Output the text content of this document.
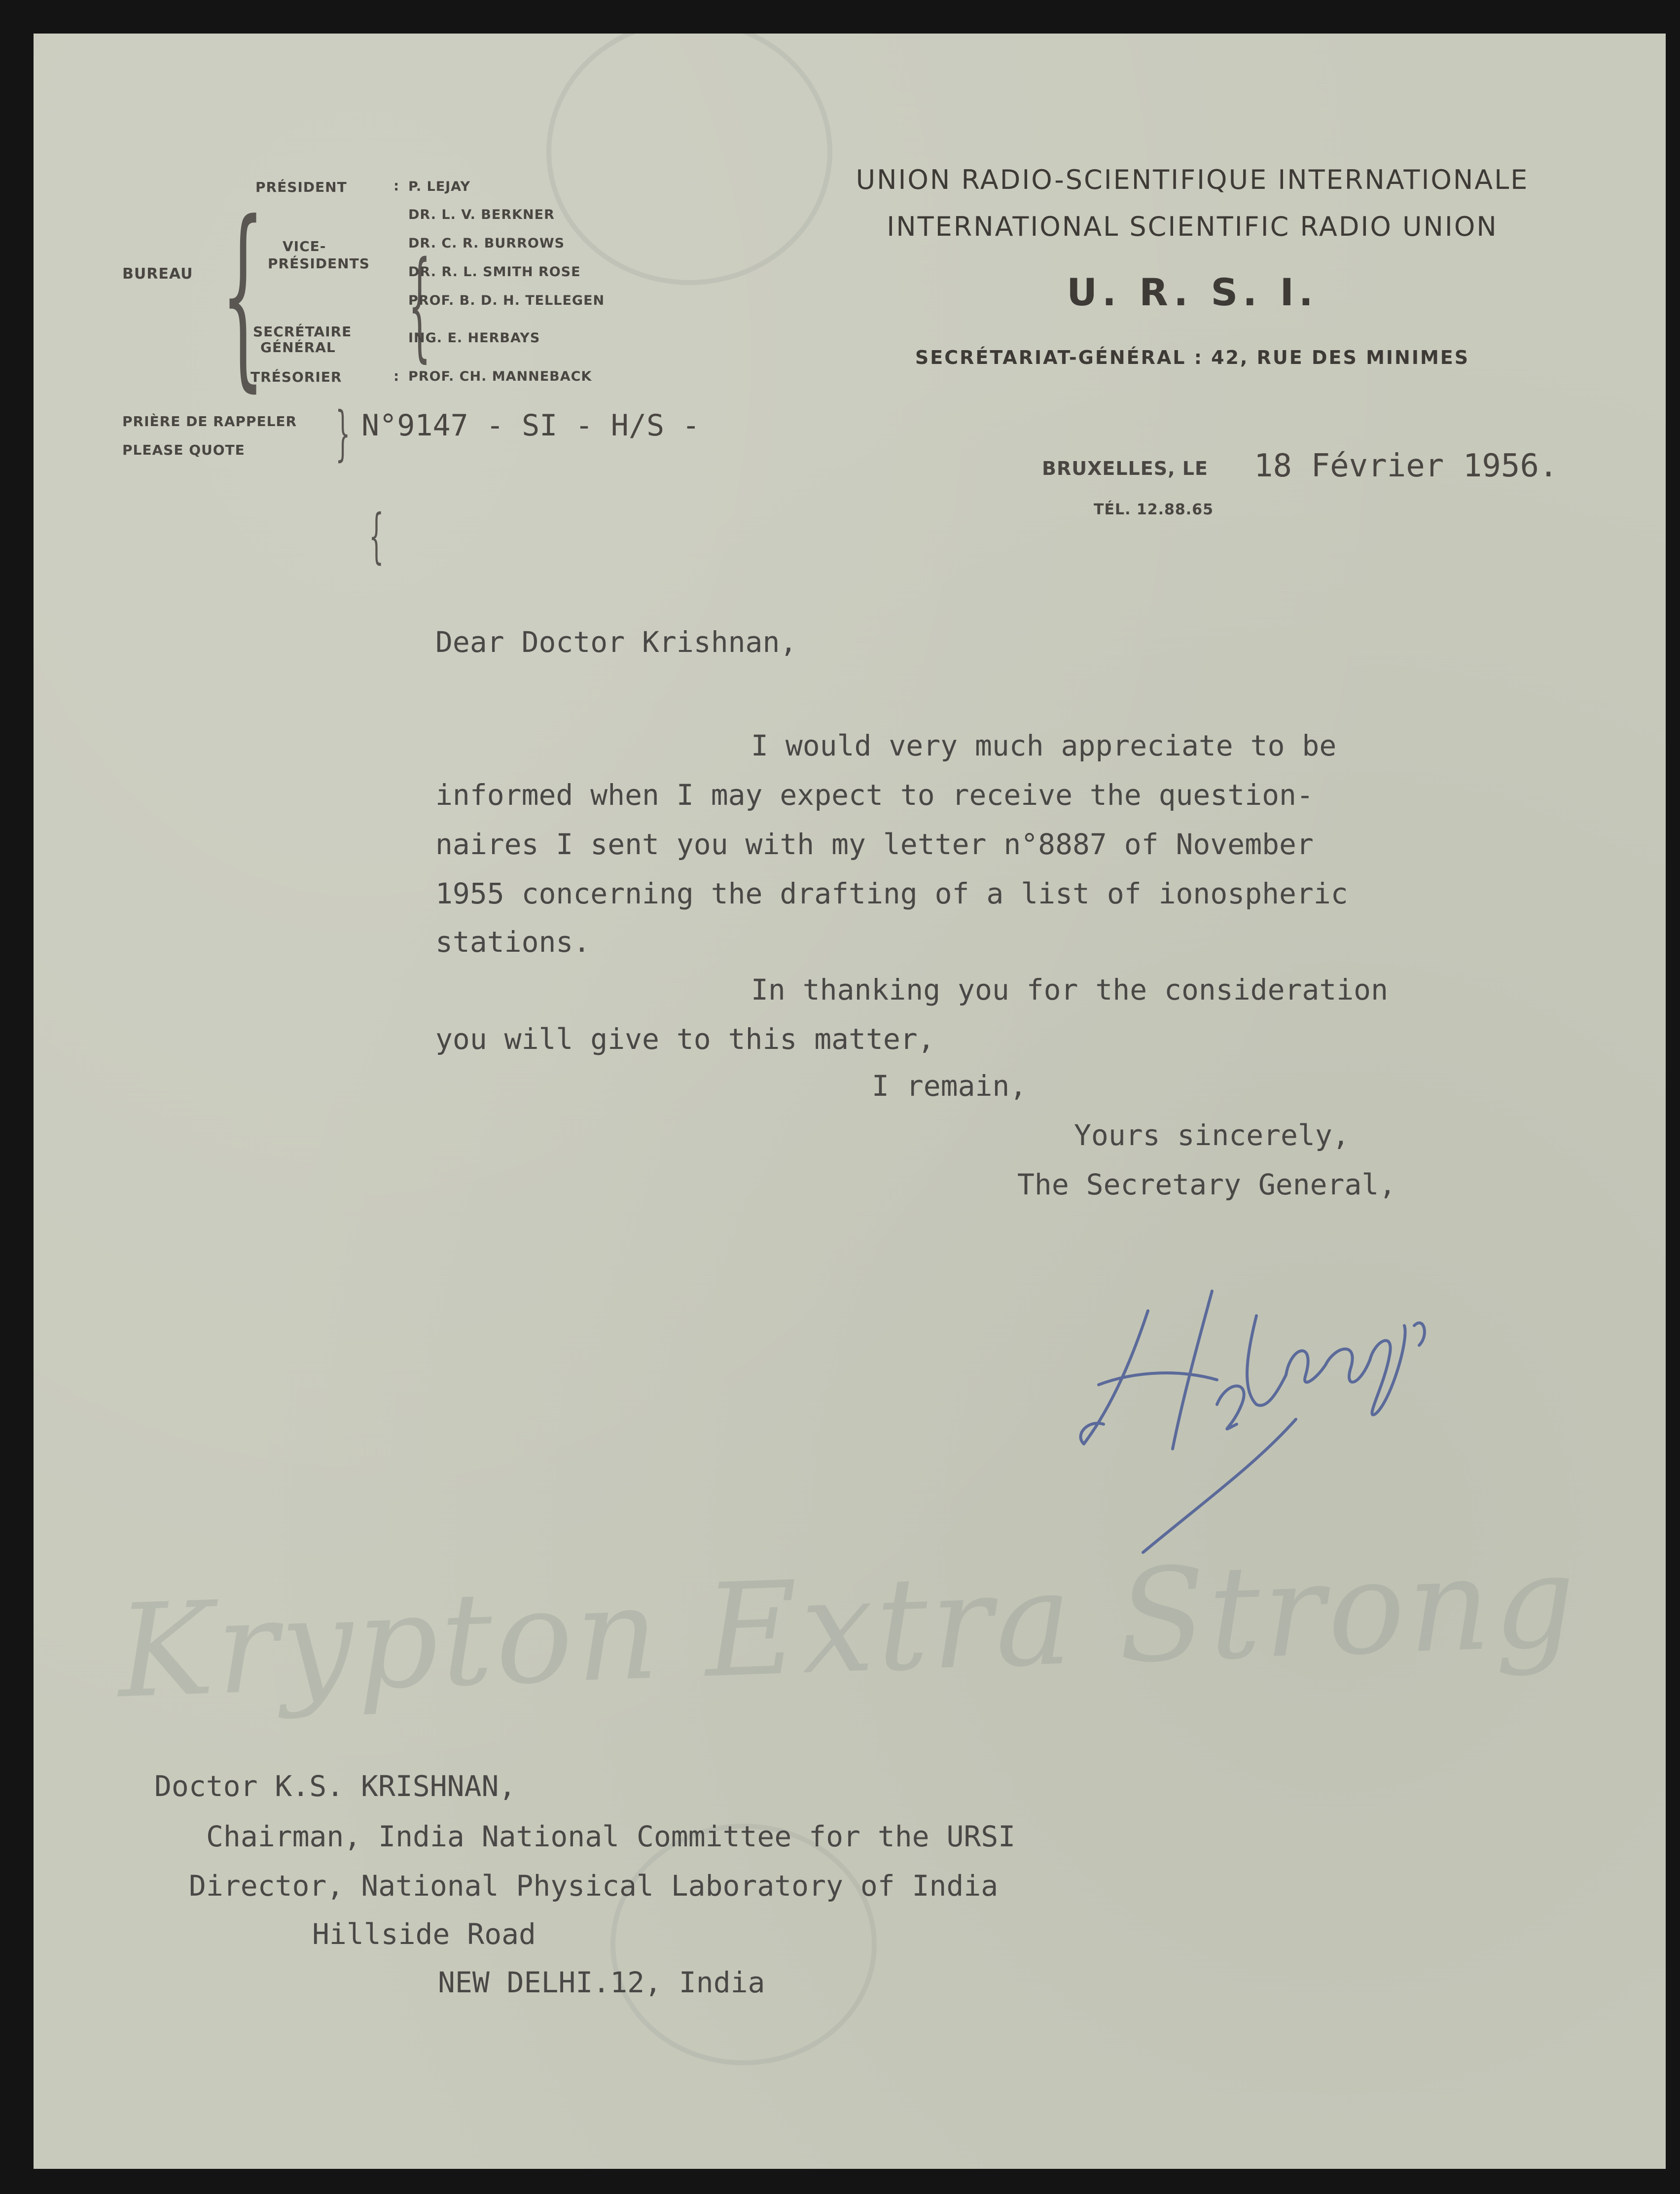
Krypton Extra Strong
BUREAU {
PRÉSIDENT
VICE-
PRÉSIDENTS
SECRÉTAIRE
GÉNÉRAL
TRÉSORIER
:
:
{
{
P. LEJAY
DR. L. V. BERKNER
DR. C. R. BURROWS
DR. R. L. SMITH ROSE
PROF. B. D. H. TELLEGEN
ING. E. HERBAYS
PROF. CH. MANNEBACK
UNION RADIO-SCIENTIFIQUE INTERNATIONALE
INTERNATIONAL SCIENTIFIC RADIO UNION
U. R. S. I.
SECRÉTARIAT-GÉNÉRAL : 42, RUE DES MINIMES
PRIÈRE DE RAPPELER
PLEASE QUOTE } N°9147 - SI - H/S -
BRUXELLES, LE 18 Février 1956.
TÉL. 12.88.65
Dear Doctor Krishnan,
I would very much appreciate to be
informed when I may expect to receive the question-
naires I sent you with my letter n°8887 of November
1955 concerning the drafting of a list of ionospheric
stations.
In thanking you for the consideration
you will give to this matter,
I remain,
Yours sincerely,
The Secretary General,
Doctor K.S. KRISHNAN,
Chairman, India National Committee for the URSI
Director, National Physical Laboratory of India
Hillside Road
NEW DELHI.12, India
